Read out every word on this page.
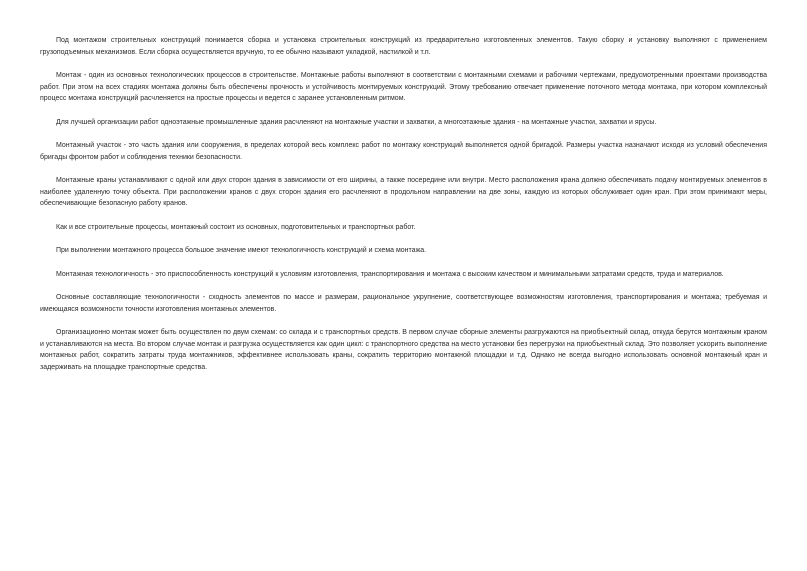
Под монтажом строительных конструкций понимается сборка и установка строительных конструкций из предварительно изготовленных элементов. Такую сборку и установку выполняют с применением грузоподъемных механизмов. Если сборка осуществляется вручную, то ее обычно называют укладкой, настилкой и т.п.

Монтаж - один из основных технологических процессов в строительстве. Монтажные работы выполняют в соответствии с монтажными схемами и рабочими чертежами, предусмотренными проектами производства работ. При этом на всех стадиях монтажа должны быть обеспечены прочность и устойчивость монтируемых конструкций. Этому требованию отвечает применение поточного метода монтажа, при котором комплексный процесс монтажа конструкций расчленяется на простые процессы и ведется с заранее установленным ритмом.

Для лучшей организации работ одноэтажные промышленные здания расчленяют на монтажные участки и захватки, а многоэтажные здания - на монтажные участки, захватки и ярусы.

Монтажный участок - это часть здания или сооружения, в пределах которой весь комплекс работ по монтажу конструкций выполняется одной бригадой. Размеры участка назначают исходя из условий обеспечения бригады фронтом работ и соблюдения техники безопасности.

Монтажные краны устанавливают с одной или двух сторон здания в зависимости от его ширины, а также посередине или внутри. Место расположения крана должно обеспечивать подачу монтируемых элементов в наиболее удаленную точку объекта. При расположении кранов с двух сторон здания его расчленяют в продольном направлении на две зоны, каждую из которых обслуживает один кран. При этом принимают меры, обеспечивающие безопасную работу кранов.

Как и все строительные процессы, монтажный состоит из основных, подготовительных и транспортных работ.

При выполнении монтажного процесса большое значение имеют технологичность конструкций и схема монтажа.

Монтажная технологичность - это приспособленность конструкций к условиям изготовления, транспортирования и монтажа с высоким качеством и минимальными затратами средств, труда и материалов.

Основные составляющие технологичности - сходность элементов по массе и размерам, рациональное укрупнение, соответствующее возможностям изготовления, транспортирования и монтажа; требуемая и имеющаяся возможности точности изготовления монтажных элементов.

Организационно монтаж может быть осуществлен по двум схемам: со склада и с транспортных средств. В первом случае сборные элементы разгружаются на приобъектный склад, откуда берутся монтажным краном и устанавливаются на места. Во втором случае монтаж и разгрузка осуществляется как один цикл: с транспортного средства на место установки без перегрузки на приобъектный склад. Это позволяет ускорить выполнение монтажных работ, сократить затраты труда монтажников, эффективнее использовать краны, сократить территорию монтажной площадки и т.д. Однако не всегда выгодно использовать основной монтажный кран и задерживать на площадке транспортные средства.
